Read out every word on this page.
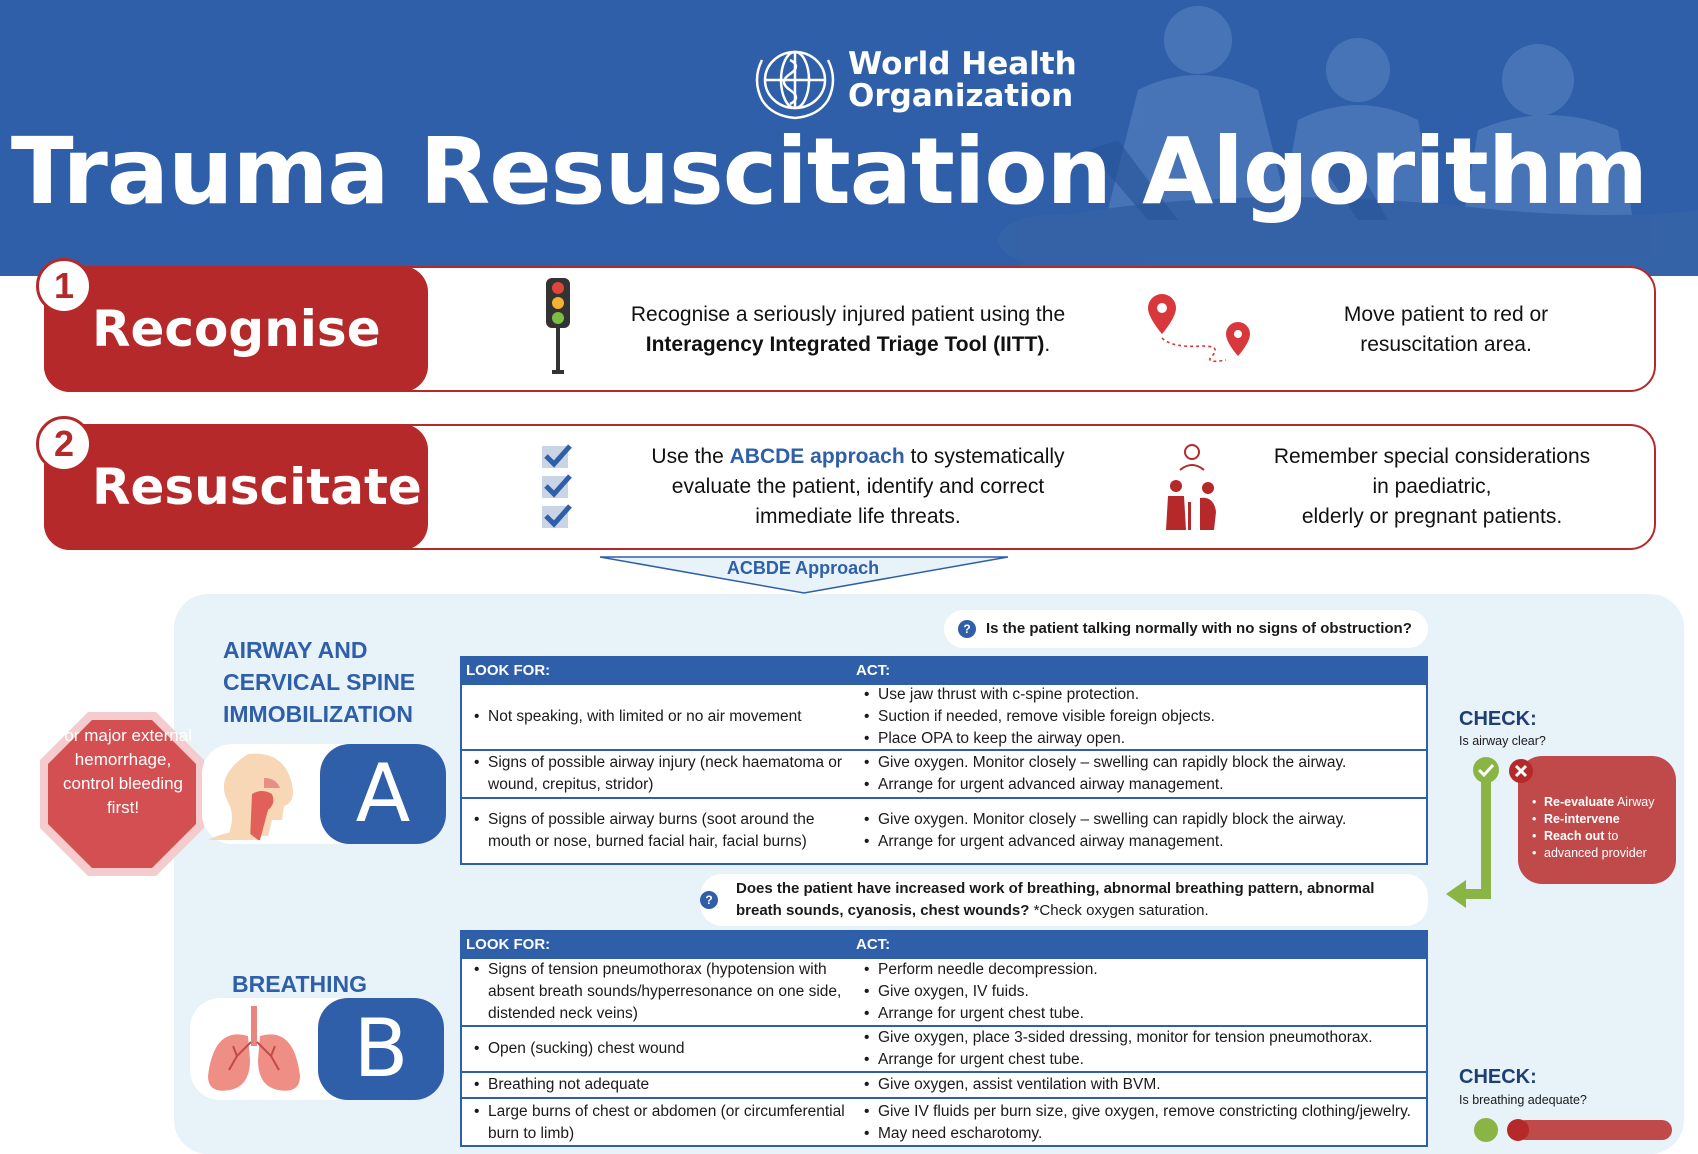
World Health
Organization
Trauma Resuscitation Algorithm
1
Recognise	Recognise a seriously injured patient using the
Interagency Integrated Triage Tool (IITT).
Move patient to red or
resuscitation area.
2
Resuscitate
Use the ABCDE approach to systematically
evaluate the patient, identify and correct
immediate life threats.
Remember special considerations
in paediatric,
elderly or pregnant patients.
ACBDE Approach
For major external hemorrhage, control bleeding first!
AIRWAY AND
CERVICAL SPINE
IMMOBILIZATION
A
?	Is the patient talking normally with no signs of obstruction?
LOOK FOR:	ACT:
• Not speaking, with limited or no air movement
• Use jaw thrust with c-spine protection.
• Suction if needed, remove visible foreign objects.
• Place OPA to keep the airway open.
• Signs of possible airway injury (neck haematoma or wound, crepitus, stridor)
• Give oxygen. Monitor closely – swelling can rapidly block the airway.
• Arrange for urgent advanced airway management.
• Signs of possible airway burns (soot around the mouth or nose, burned facial hair, facial burns)
• Give oxygen. Monitor closely – swelling can rapidly block the airway.
• Arrange for urgent advanced airway management.
CHECK:
Is airway clear?
• Re-evaluate Airway
• Re-intervene
• Reach out to
• advanced provider
?
Does the patient have increased work of breathing, abnormal breathing pattern, abnormal breath sounds, cyanosis, chest wounds? *Check oxygen saturation.
BREATHING
B
LOOK FOR:	ACT:
• Signs of tension pneumothorax (hypotension with absent breath sounds/hyperresonance on one side, distended neck veins)
• Perform needle decompression.
• Give oxygen, IV fuids.
• Arrange for urgent chest tube.
• Open (sucking) chest wound
• Give oxygen, place 3-sided dressing, monitor for tension pneumothorax.
• Arrange for urgent chest tube.
• Breathing not adequate
•	Give oxygen, assist ventilation with BVM.
• Large burns of chest or abdomen (or circumferential burn to limb)
• Give IV fluids per burn size, give oxygen, remove constricting clothing/jewelry.
• May need escharotomy.
CHECK:
Is breathing adequate?
